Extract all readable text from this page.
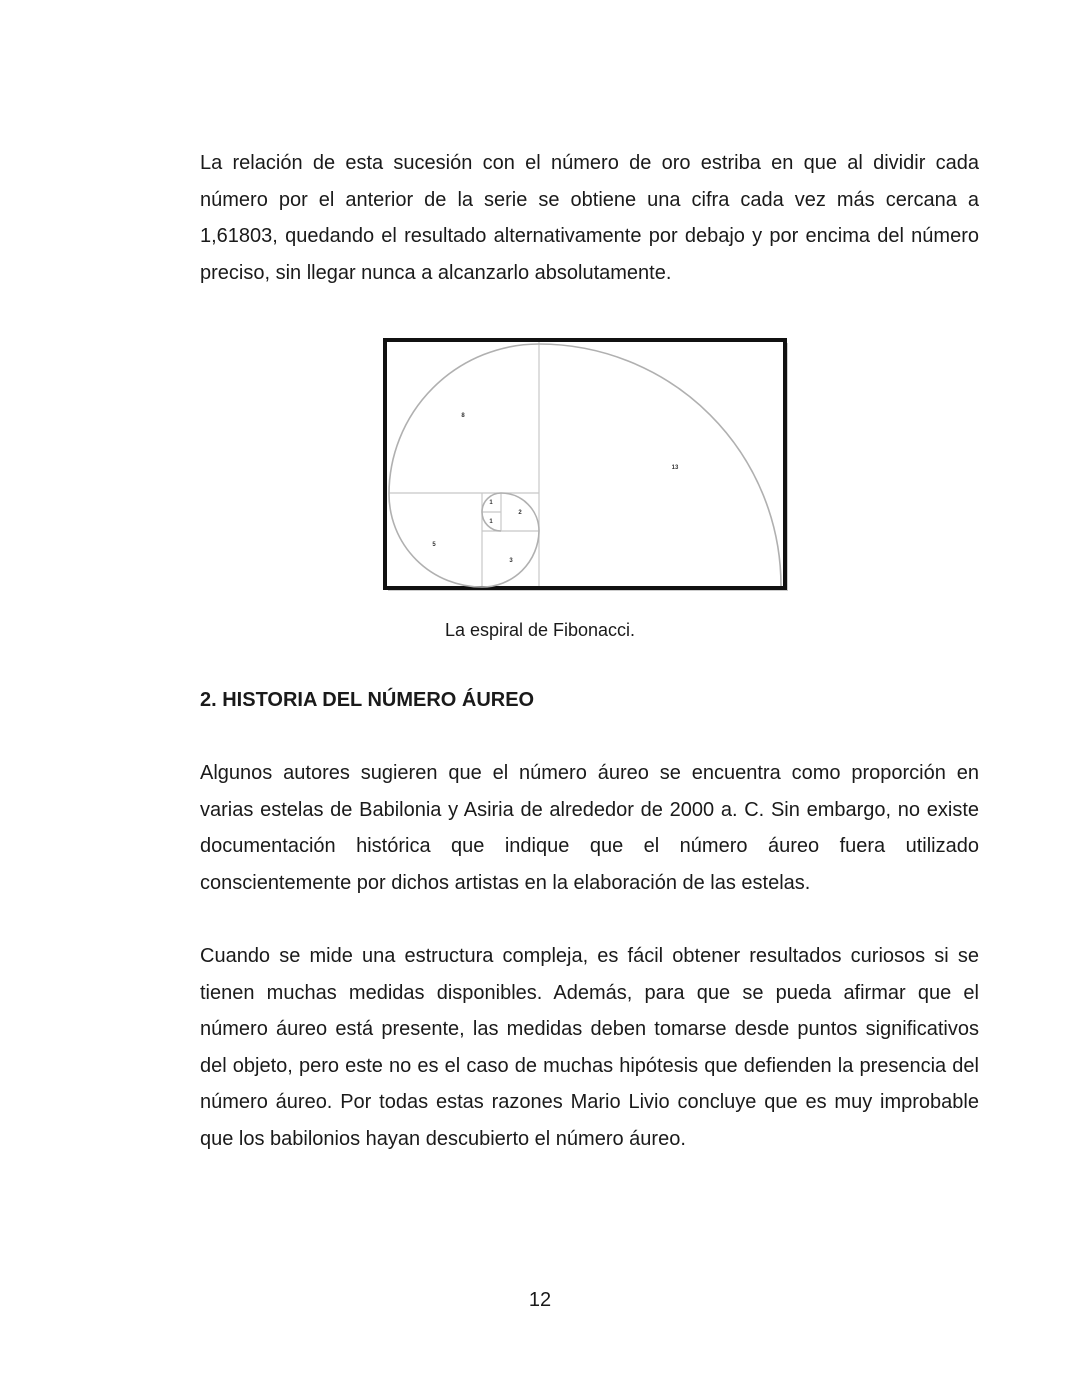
La relación de esta sucesión con el número de oro estriba en que al dividir cada número por el anterior de la serie se obtiene una cifra cada vez más cercana a 1,61803, quedando el resultado alternativamente por debajo y por encima del número preciso, sin llegar nunca a alcanzarlo absolutamente.

8
13
1
1
2
3
5
La espiral de Fibonacci.
2. HISTORIA DEL NÚMERO ÁUREO

Algunos autores sugieren que el número áureo se encuentra como proporción en varias estelas de Babilonia y Asiria de alrededor de 2000 a. C. Sin embargo, no existe documentación histórica que indique que el número áureo fuera utilizado conscientemente por dichos artistas en la elaboración de las estelas.

Cuando se mide una estructura compleja, es fácil obtener resultados curiosos si se tienen muchas medidas disponibles. Además, para que se pueda afirmar que el número áureo está presente, las medidas deben tomarse desde puntos significativos del objeto, pero este no es el caso de muchas hipótesis que defienden la presencia del número áureo. Por todas estas razones Mario Livio concluye que es muy improbable que los babilonios hayan descubierto el número áureo.

12
